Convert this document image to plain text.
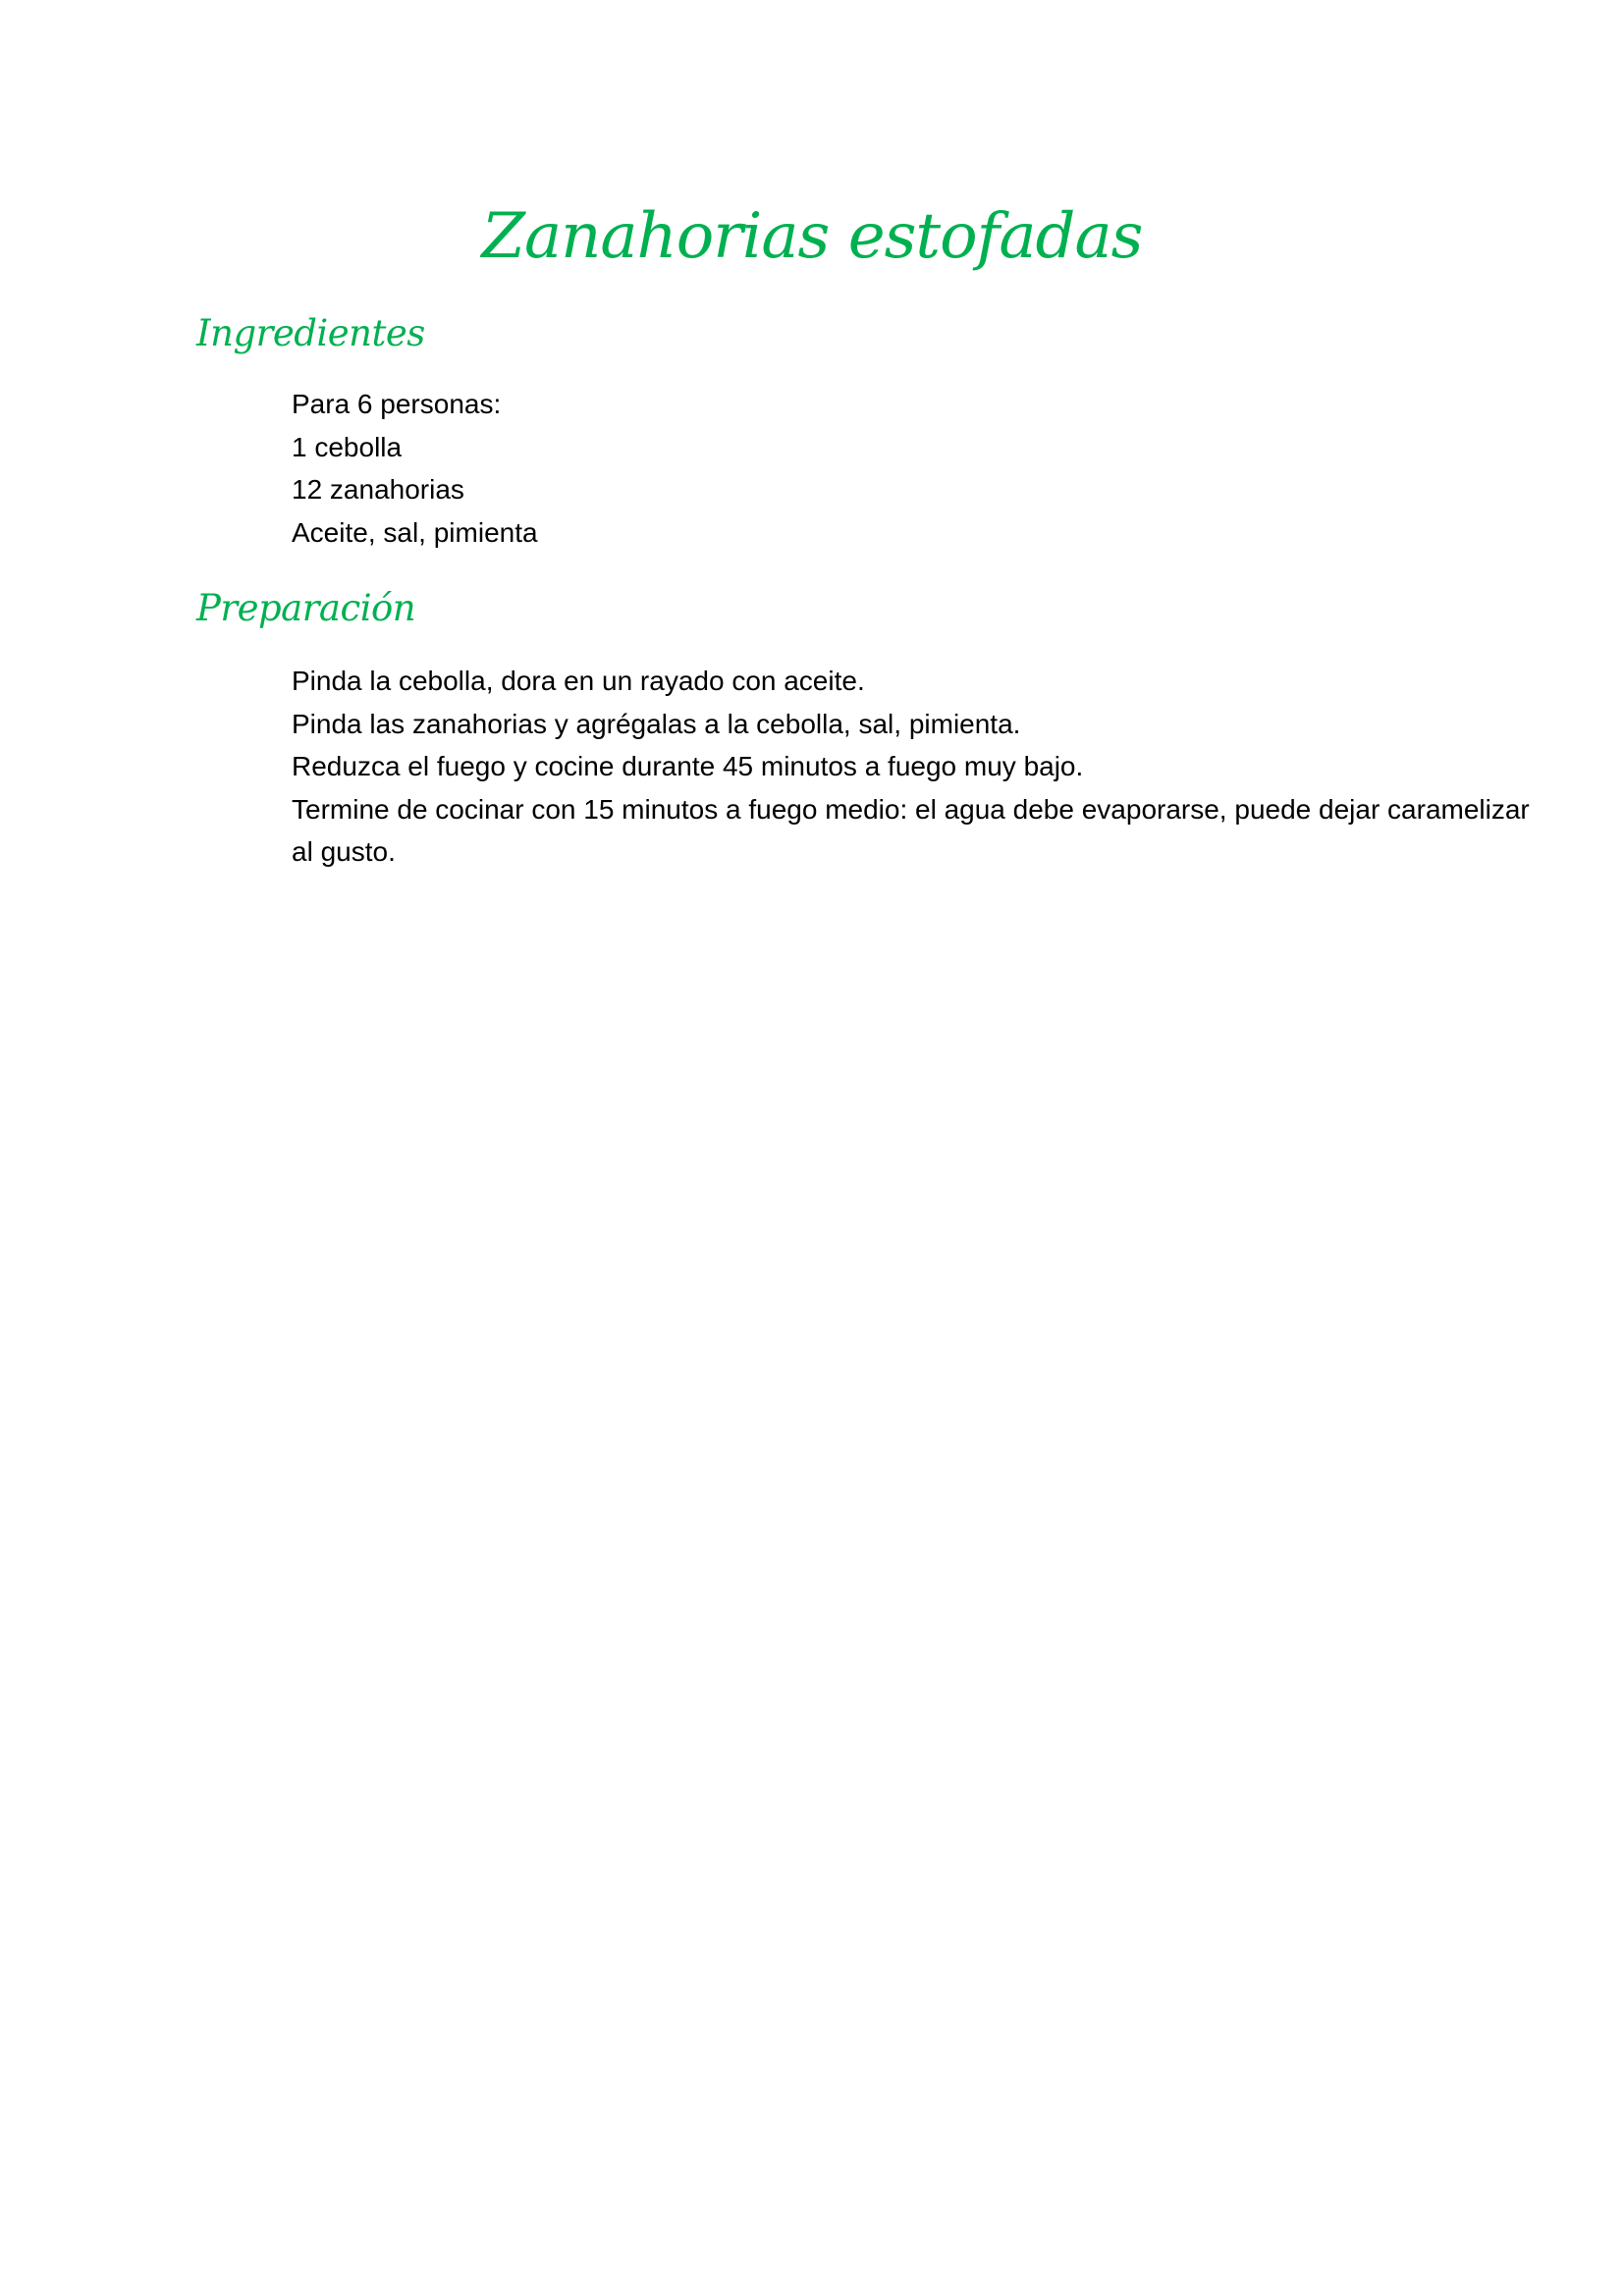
Zanahorias estofadas
Ingredientes
Para 6 personas:
1 cebolla
12 zanahorias
Aceite, sal, pimienta
Preparación
Pinda la cebolla, dora en un rayado con aceite.
Pinda las zanahorias y agrégalas a la cebolla, sal, pimienta.
Reduzca el fuego y cocine durante 45 minutos a fuego muy bajo.
Termine de cocinar con 15 minutos a fuego medio: el agua debe evaporarse, puede dejar caramelizar al gusto.
